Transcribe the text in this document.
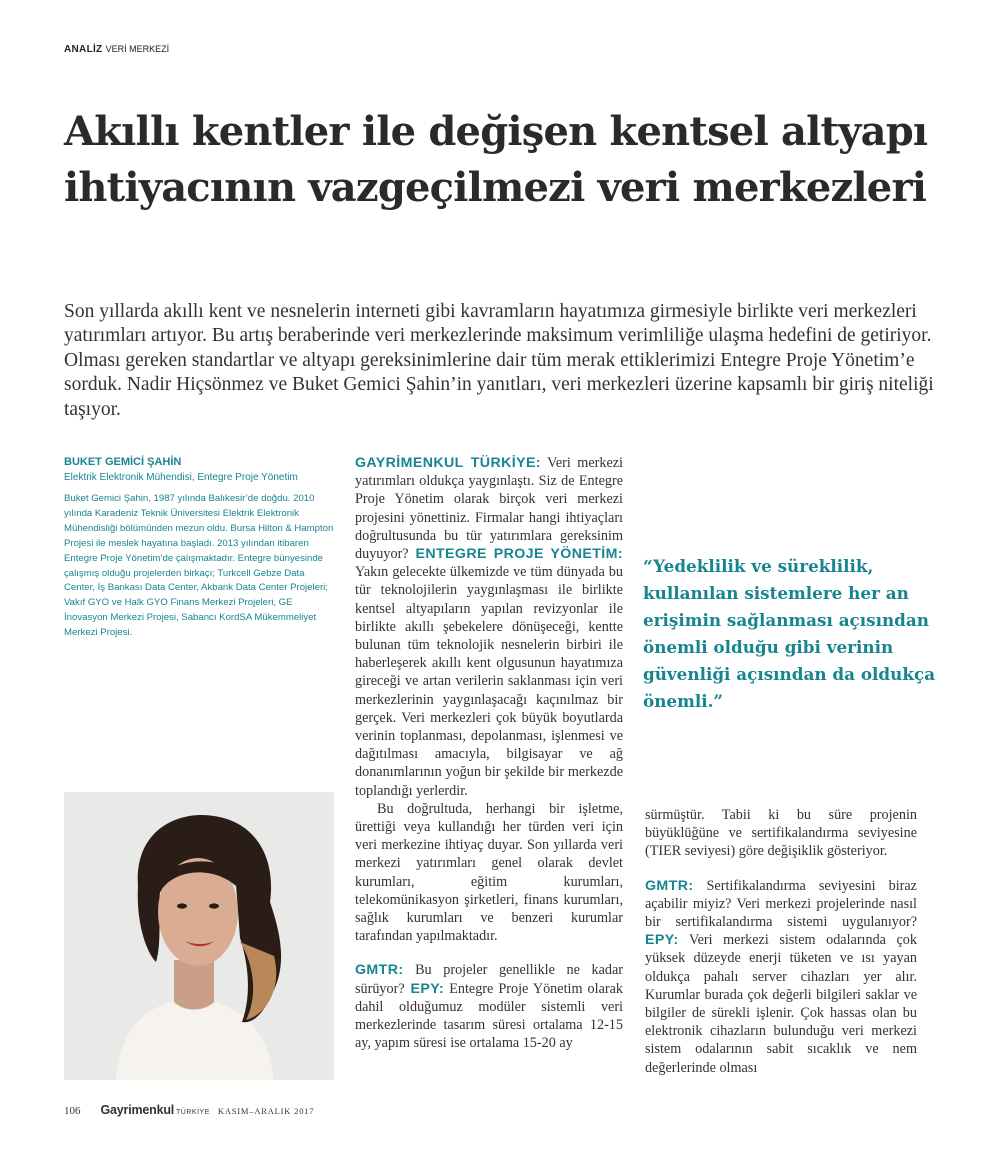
ANALİZ VERİ MERKEZİ
Akıllı kentler ile değişen kentsel altyapı ihtiyacının vazgeçilmezi veri merkezleri

Son yıllarda akıllı kent ve nesnelerin interneti gibi kavramların hayatımıza girmesiyle birlikte veri merkezleri yatırımları artıyor. Bu artış beraberinde veri merkezlerinde maksimum verimliliğe ulaşma hedefini de getiriyor. Olması gereken standartlar ve altyapı gereksinimlerine dair tüm merak ettiklerimizi Entegre Proje Yönetim’e sorduk. Nadir Hiçsönmez ve Buket Gemici Şahin’in yanıtları, veri merkezleri üzerine kapsamlı bir giriş niteliği taşıyor.

BUKET GEMİCİ ŞAHİN
Elektrik Elektronik Mühendisi, Entegre Proje Yönetim

Buket Gemici Şahin, 1987 yılında Balıkesir’de doğdu. 2010 yılında Karadeniz Teknik Üniversitesi Elektrik Elektronik Mühendisliği bölümünden mezun oldu. Bursa Hilton & Hampton Projesi ile meslek hayatına başladı. 2013 yılından itibaren Entegre Proje Yönetim’de çalışmaktadır. Entegre bünyesinde çalışmış olduğu projelerden birkaçı; Turkcell Gebze Data Center, İş Bankası Data Center, Akbank Data Center Projeleri; Vakıf GYO ve Halk GYO Finans Merkezi Projeleri, GE İnovasyon Merkezi Projesi, Sabancı KordSA Mükemmeliyet Merkezi Projesi.

GAYRİMENKUL TÜRKİYE: Veri merkezi yatırımları oldukça yaygınlaştı. Siz de Entegre Proje Yönetim olarak birçok veri merkezi projesini yönettiniz. Firmalar hangi ihtiyaçları doğrultusunda bu tür yatırımlara gereksinim duyuyor? ENTEGRE PROJE YÖNETİM: Yakın gelecekte ülkemizde ve tüm dünyada bu tür teknolojilerin yaygınlaşması ile birlikte kentsel altyapıların yapılan revizyonlar ile birlikte akıllı şebekelere dönüşeceği, kentte bulunan tüm teknolojik nesnelerin birbiri ile haberleşerek akıllı kent olgusunun hayatımıza gireceği ve artan verilerin saklanması için veri merkezlerinin yaygınlaşacağı kaçınılmaz bir gerçek. Veri merkezleri çok büyük boyutlarda verinin toplanması, depolanması, işlenmesi ve dağıtılması amacıyla, bilgisayar ve ağ donanımlarının yoğun bir şekilde bir merkezde toplandığı yerlerdir.

Bu doğrultuda, herhangi bir işletme, ürettiği veya kullandığı her türden veri için veri merkezine ihtiyaç duyar. Son yıllarda veri merkezi yatırımları genel olarak devlet kurumları, eğitim kurumları, telekomünikasyon şirketleri, finans kurumları, sağlık kurumları ve benzeri kurumlar tarafından yapılmaktadır.

GMTR: Bu projeler genellikle ne kadar sürüyor? EPY: Entegre Proje Yönetim olarak dahil olduğumuz modüler sistemli veri merkezlerinde tasarım süresi ortalama 12-15 ay, yapım süresi ise ortalama 15-20 ay

“Yedeklilik ve süreklilik, kullanılan sistemlere her an erişimin sağlanması açısından önemli olduğu gibi verinin güvenliği açısından da oldukça önemli.”

sürmüştür. Tabii ki bu süre projenin büyüklüğüne ve sertifikalandırma seviyesine (TIER seviyesi) göre değişiklik gösteriyor.

GMTR: Sertifikalandırma seviyesini biraz açabilir miyiz? Veri merkezi projelerinde nasıl bir sertifikalandırma sistemi uygulanıyor? EPY: Veri merkezi sistem odalarında çok yüksek düzeyde enerji tüketen ve ısı yayan oldukça pahalı server cihazları yer alır. Kurumlar burada çok değerli bilgileri saklar ve bilgiler de sürekli işlenir. Çok hassas olan bu elektronik cihazların bulunduğu veri merkezi sistem odalarının sabit sıcaklık ve nem değerlerinde olması

106 Gayrimenkul TÜRKİYE KASIM–ARALIK 2017
